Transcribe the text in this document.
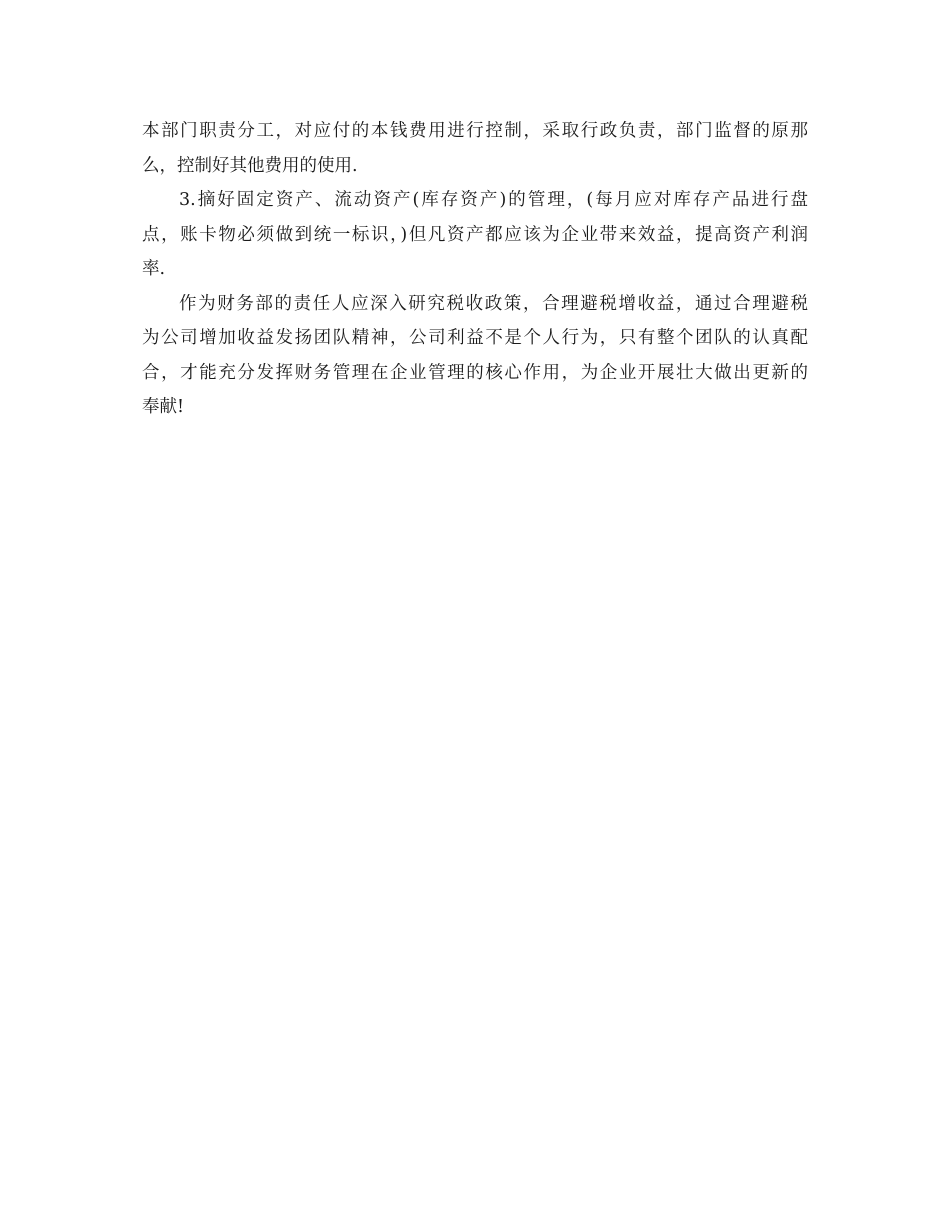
本部门职责分工，对应付的本钱费用进行控制，采取行政负责，部门监督的原那
么，控制好其他费用的使用.

3.摘好固定资产、流动资产(库存资产)的管理，(每月应对库存产品进行盘
点，账卡物必须做到统一标识，)但凡资产都应该为企业带来效益，提高资产利润
率.

作为财务部的责任人应深入研究税收政策，合理避税增收益，通过合理避税
为公司增加收益发扬团队精神，公司利益不是个人行为，只有整个团队的认真配
合，才能充分发挥财务管理在企业管理的核心作用，为企业开展壮大做出更新的
奉献!
